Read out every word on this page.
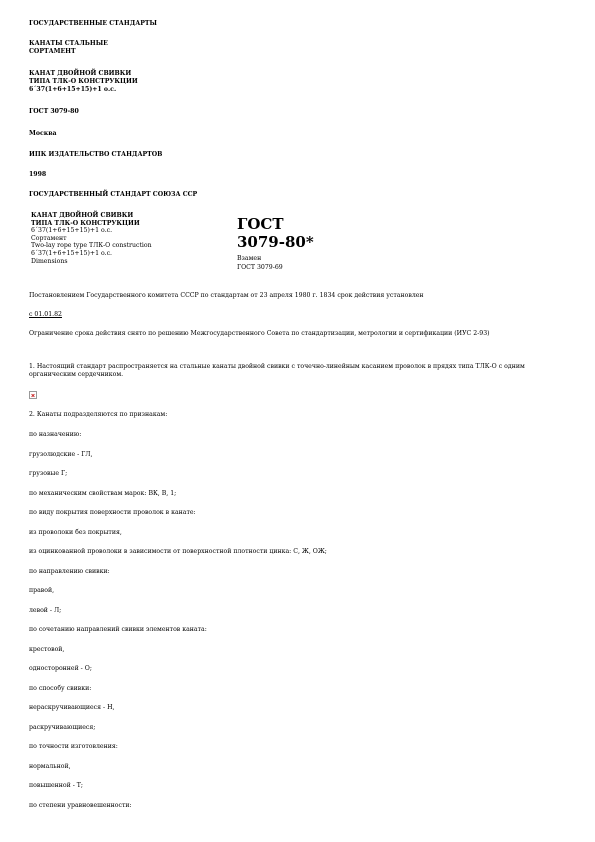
ГОСУДАРСТВЕННЫЕ СТАНДАРТЫ
КАНАТЫ СТАЛЬНЫЕ
СОРТАМЕНТ
КАНАТ ДВОЙНОЙ СВИВКИ
ТИПА ТЛК-О КОНСТРУКЦИИ
6´37(1+6+15+15)+1 о.с.
ГОСТ 3079-80
Москва
ИПК ИЗДАТЕЛЬСТВО СТАНДАРТОВ
1998
ГОСУДАРСТВЕННЫЙ СТАНДАРТ СОЮЗА ССР
КАНАТ ДВОЙНОЙ СВИВКИ
ТИПА ТЛК-О КОНСТРУКЦИИ
6´37(1+6+15+15)+1 о.с.
Сортамент
Two-lay rope type ТЛК-О construction
6´37(1+6+15+15)+1 o.c.
Dimensions
ГОСТ
3079-80*
Взамен
ГОСТ 3079-69
Постановлением Государственного комитета СССР по стандартам от 23 апреля 1980 г. 1834 срок действия установлен
с 01.01.82
Ограничение срока действия снято по решению Межгосударственного Совета по стандартизации, метрологии и сертификации (ИУС 2-93)
1. Настоящий стандарт распространяется на стальные канаты двойной свивки с точечно-линейным касанием проволок в прядях типа ТЛК-О с одним органическим сердечником.
2. Канаты подразделяются по признакам:
по назначению:
грузолюдские - ГЛ,
грузовые Г;
по механическим свойствам марок: ВК, В, 1;
по виду покрытия поверхности проволок в канате:
из проволоки без покрытия,
из оцинкованной проволоки в зависимости от поверхностной плотности цинка: С, Ж, ОЖ;
по направлению свивки:
правой,
левой - Л;
по сочетанию направлений свивки элементов каната:
крестовой,
односторонней - О;
по способу свивки:
нераскручивающиеся - Н,
раскручивающиеся;
по точности изготовления:
нормальной,
повышенной - Т;
по степени уравновешенности:
